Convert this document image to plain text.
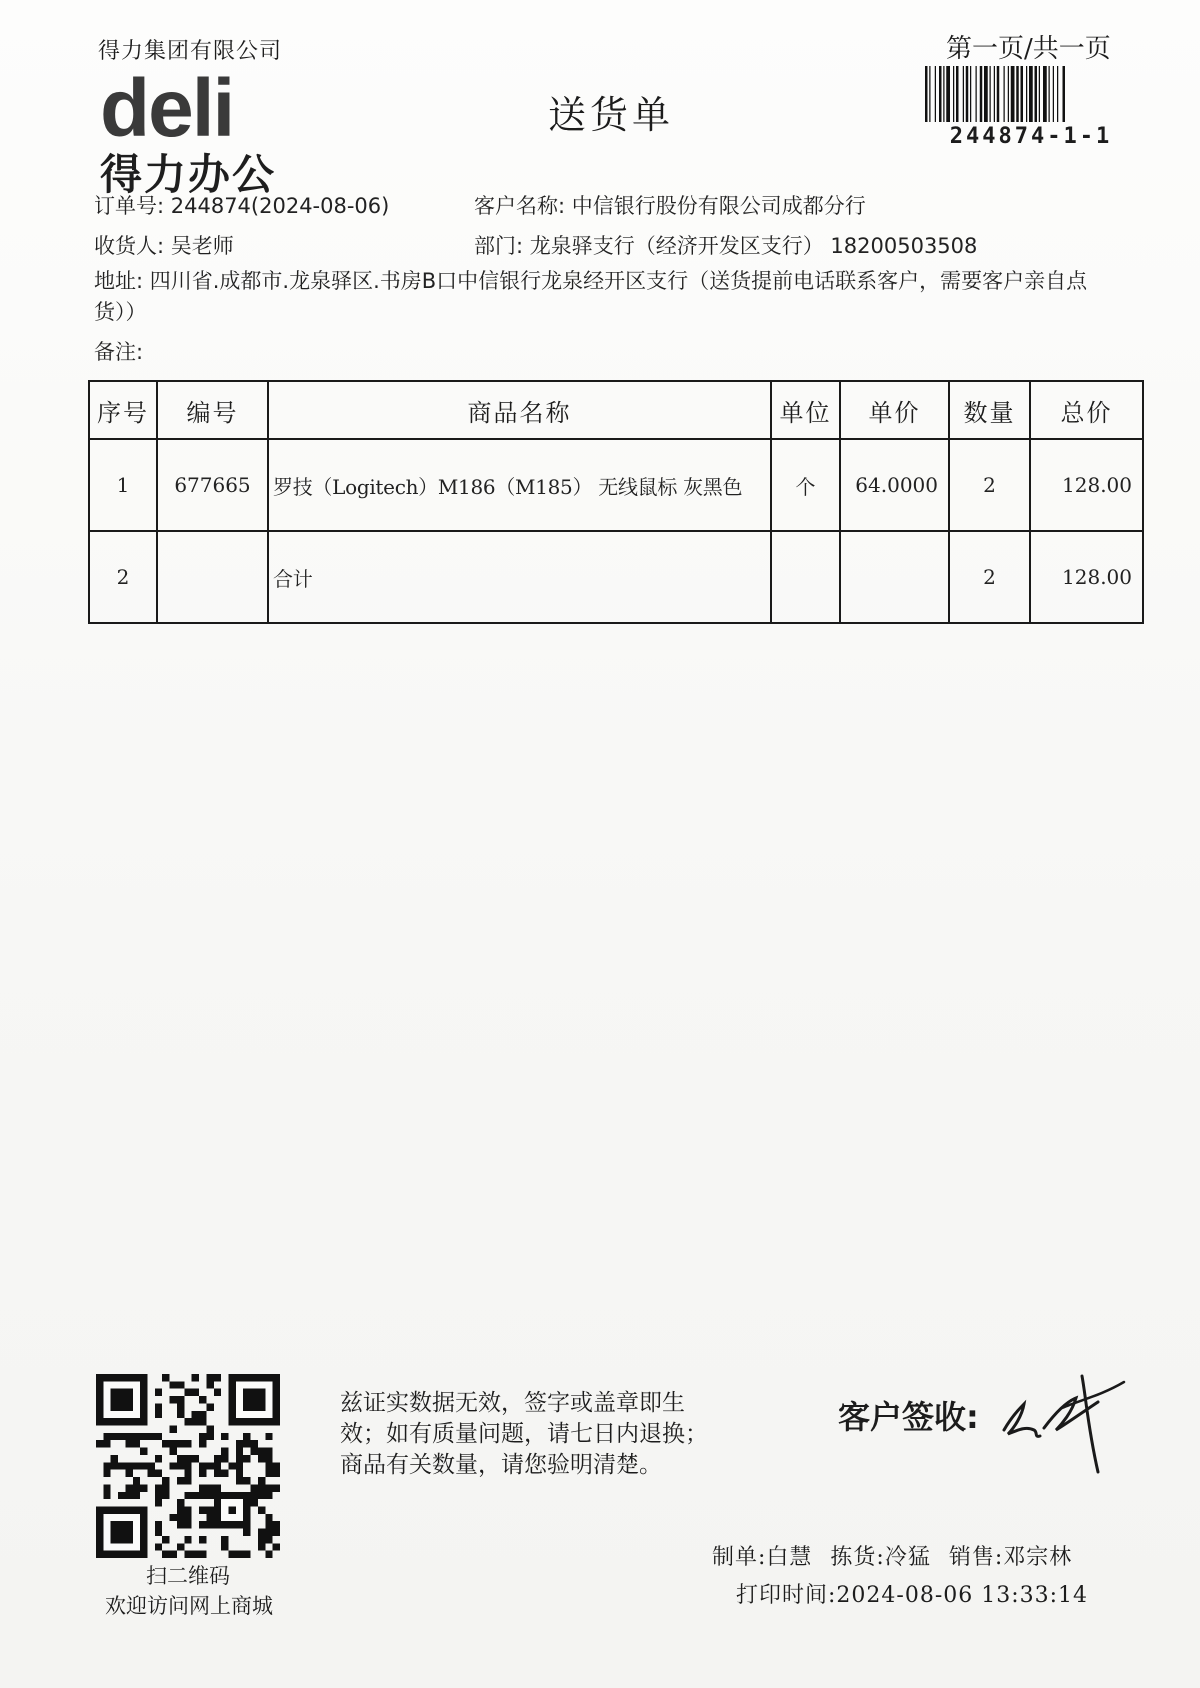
得力集团有限公司
deli
得力办公
送货单
第一页/共一页
244874-1-1
订单号: 244874(2024-08-06)	客户名称: 中信银行股份有限公司成都分行
收货人: 吴老师	部门: 龙泉驿支行（经济开发区支行） 18200503508
地址: 四川省.成都市.龙泉驿区.书房B口中信银行龙泉经开区支行（送货提前电话联系客户，需要客户亲自点货））
备注:
序号	编号	商品名称	单位	单价	数量	总价
1	677665	罗技（Logitech）M186（M185） 无线鼠标 灰黑色	个	64.0000	2	128.00
2		合计			2	128.00
扫二维码
欢迎访问网上商城
兹证实数据无效，签字或盖章即生
效；如有质量问题，请七日内退换；
商品有关数量，请您验明清楚。
客户签收:
制单:白慧 拣货:冷猛 销售:邓宗林
打印时间:2024-08-06 13:33:14
